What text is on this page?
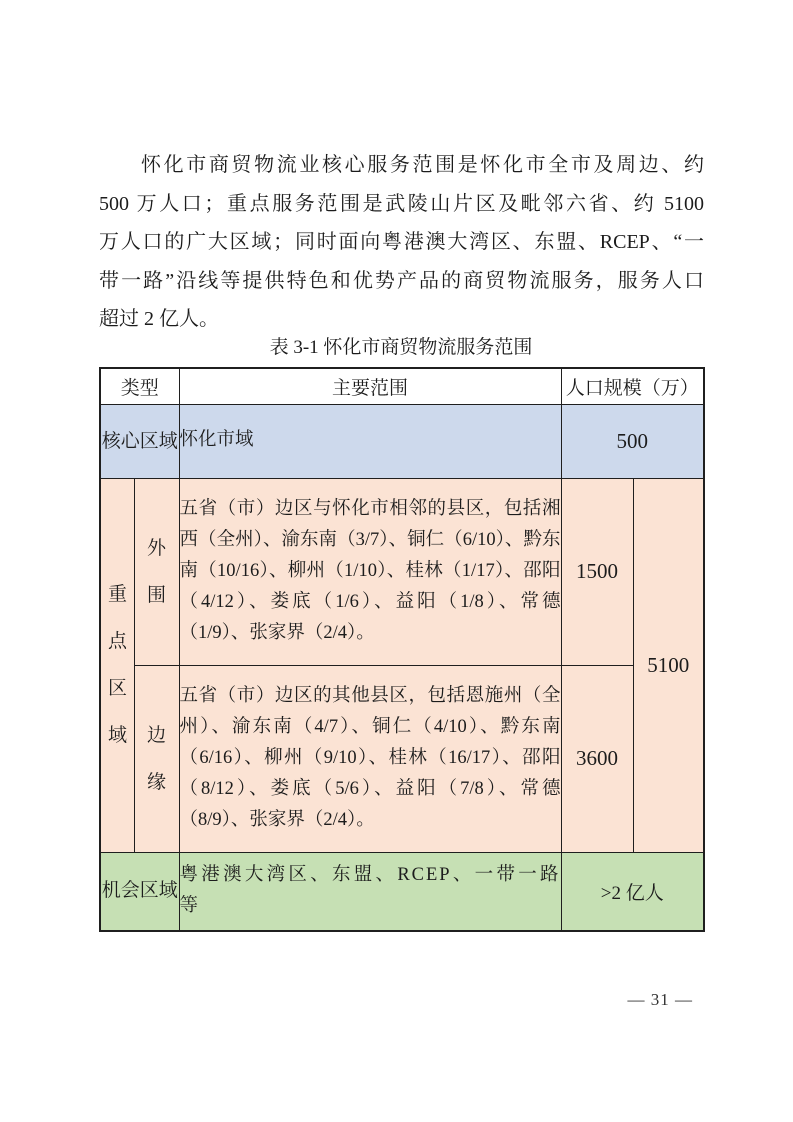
怀化市商贸物流业核心服务范围是怀化市全市及周边、约
500 万人口；重点服务范围是武陵山片区及毗邻六省、约 5100
万人口的广大区域；同时面向粤港澳大湾区、东盟、RCEP、“一
带一路”沿线等提供特色和优势产品的商贸物流服务，服务人口
超过 2 亿人。
表 3-1 怀化市商贸物流服务范围
类型		主要范围	人口规模（万）	
核心区域		怀化市域	500	
重点区域	外围	五省（市）边区与怀化市相邻的县区，包括湘西（全州）、渝东南（3/7）、铜仁（6/10）、黔东南（10/16）、柳州（1/10）、桂林（1/17）、邵阳（4/12）、娄底（1/6）、益阳（1/8）、常德（1/9）、张家界（2/4）。	1500	5100
	边缘	五省（市）边区的其他县区，包括恩施州（全州）、渝东南（4/7）、铜仁（4/10）、黔东南（6/16）、柳州（9/10）、桂林（16/17）、邵阳（8/12）、娄底（5/6）、益阳（7/8）、常德（8/9）、张家界（2/4）。	3600	
机会区域		粤港澳大湾区、东盟、RCEP、一带一路等	>2 亿人	
— 31 —
